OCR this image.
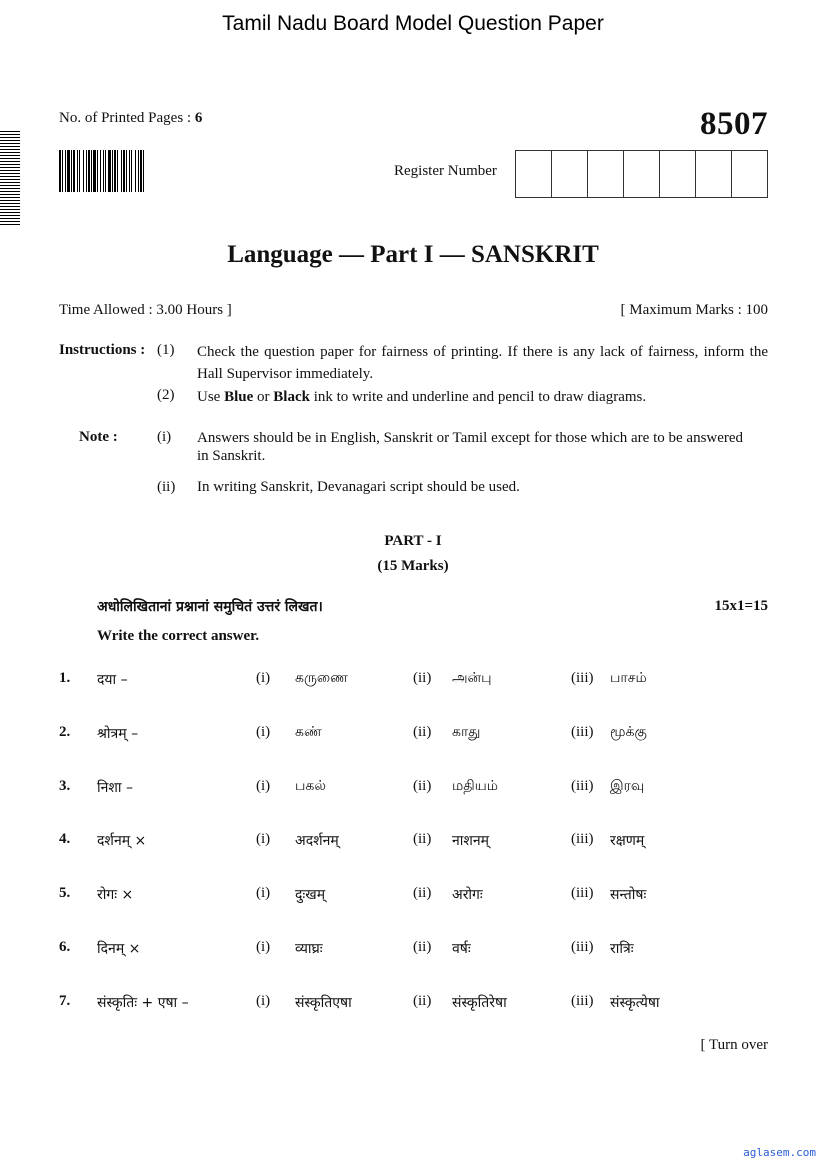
Tamil Nadu Board Model Question Paper
No. of Printed Pages : 6	8507
Register Number
Language — Part I — SANSKRIT
Time Allowed : 3.00 Hours ]	[ Maximum Marks : 100
Instructions : (1) Check the question paper for fairness of printing. If there is any lack of fairness, inform the Hall Supervisor immediately.
(2) Use Blue or Black ink to write and underline and pencil to draw diagrams.
Note :	(i) Answers should be in English, Sanskrit or Tamil except for those which are to be answered in Sanskrit.
(ii) In writing Sanskrit, Devanagari script should be used.
PART - I
(15 Marks)
अधोलिखितानां प्रश्नानां समुचितं उत्तरं लिखत।	15x1=15
Write the correct answer.
1. दया –	(i) கருணை	(ii) அன்பு	(iii) பாசம்
2. श्रोत्रम् –	(i) கண்	(ii) காது	(iii) மூக்கு
3. निशा –	(i) பகல்	(ii) மதியம்	(iii) இரவு
4. दर्शनम् ×	(i) अदर्शनम्	(ii) नाशनम्	(iii) रक्षणम्
5. रोगः ×	(i) दुःखम्	(ii) अरोगः	(iii) सन्तोषः
6. दिनम् ×	(i) व्याघ्रः	(ii) वर्षः	(iii) रात्रिः
7. संस्कृतिः + एषा –	(i) संस्कृतिएषा	(ii) संस्कृतिरेषा	(iii) संस्कृत्येषा
[ Turn over
aglasem.com
